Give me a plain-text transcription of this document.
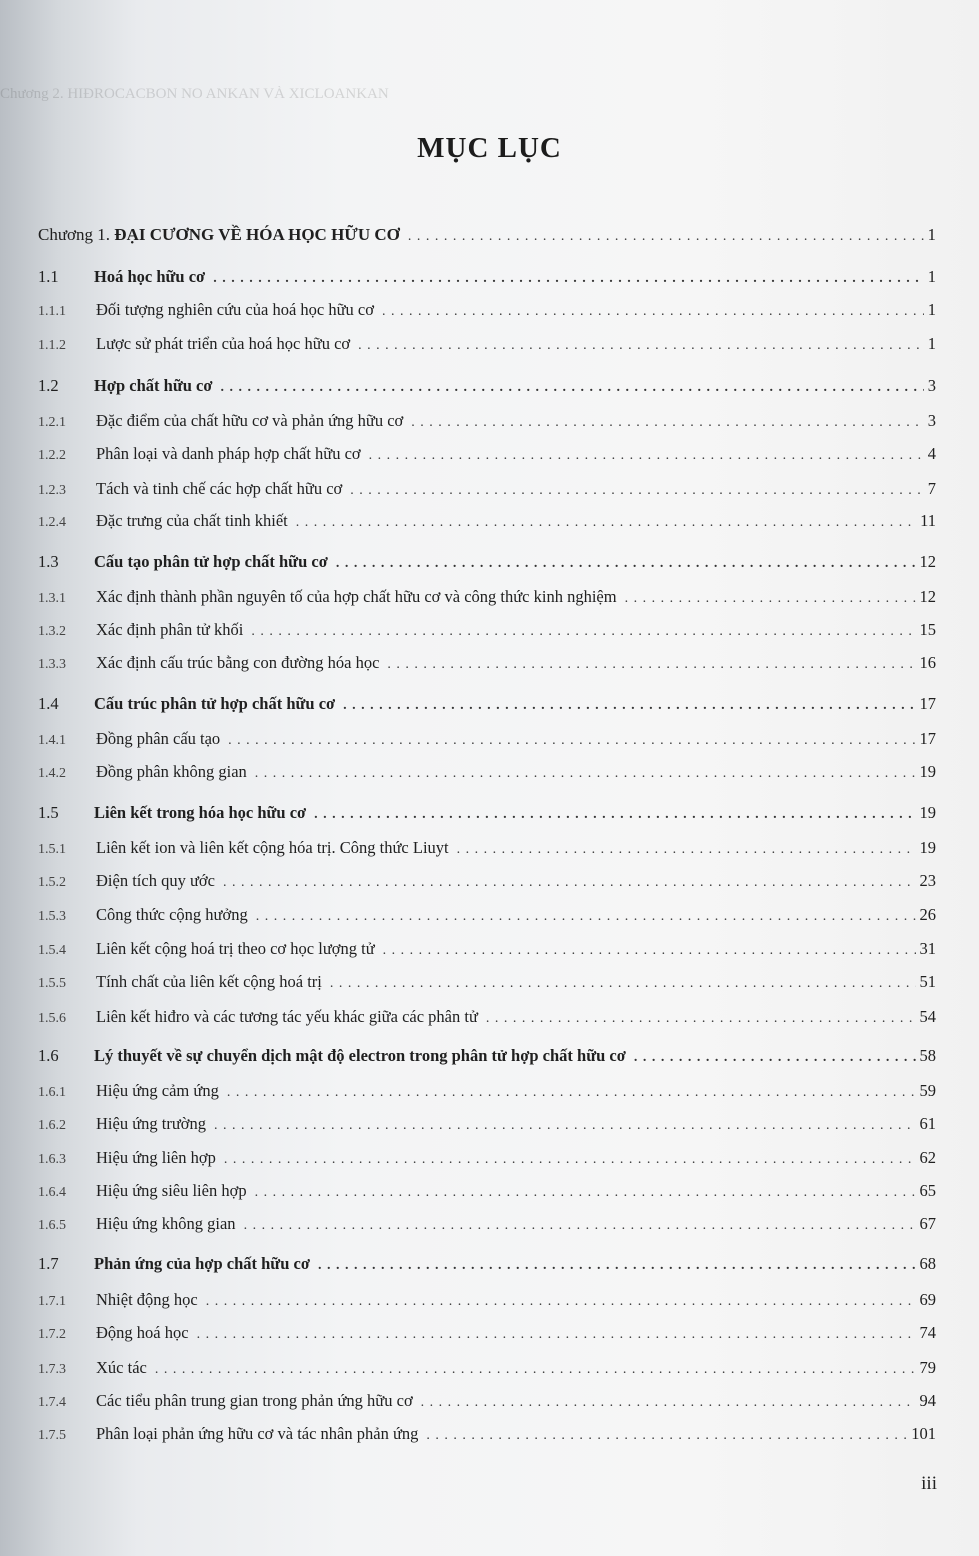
Chương 2. HIĐROCACBON NO ANKAN VÀ XICLOANKAN
MỤC LỤC
Chương 1. ĐẠI CƯƠNG VỀ HÓA HỌC HỮU CƠ . . .	1
1.1	Hoá học hữu cơ . . .	1
1.1.1	Đối tượng nghiên cứu của hoá học hữu cơ . . .	1
1.1.2	Lược sử phát triển của hoá học hữu cơ . . .	1
1.2	Hợp chất hữu cơ . . .	3
1.2.1	Đặc điểm của chất hữu cơ và phản ứng hữu cơ . . .	3
1.2.2	Phân loại và danh pháp hợp chất hữu cơ . . .	4
1.2.3	Tách và tinh chế các hợp chất hữu cơ . . .	7
1.2.4	Đặc trưng của chất tinh khiết . . .	11
1.3	Cấu tạo phân tử hợp chất hữu cơ . . .	12
1.3.1	Xác định thành phần nguyên tố của hợp chất hữu cơ và công thức kinh nghiệm . . .	12
1.3.2	Xác định phân tử khối . . .	15
1.3.3	Xác định cấu trúc bằng con đường hóa học . . .	16
1.4	Cấu trúc phân tử hợp chất hữu cơ . . .	17
1.4.1	Đồng phân cấu tạo . . .	17
1.4.2	Đồng phân không gian . . .	19
1.5	Liên kết trong hóa học hữu cơ . . .	19
1.5.1	Liên kết ion và liên kết cộng hóa trị. Công thức Liuyt . . .	19
1.5.2	Điện tích quy ước . . .	23
1.5.3	Công thức cộng hưởng . . .	26
1.5.4	Liên kết cộng hoá trị theo cơ học lượng tử . . .	31
1.5.5	Tính chất của liên kết cộng hoá trị . . .	51
1.5.6	Liên kết hiđro và các tương tác yếu khác giữa các phân tử . . .	54
1.6	Lý thuyết về sự chuyển dịch mật độ electron trong phân tử hợp chất hữu cơ . . .	58
1.6.1	Hiệu ứng cảm ứng . . .	59
1.6.2	Hiệu ứng trường . . .	61
1.6.3	Hiệu ứng liên hợp . . .	62
1.6.4	Hiệu ứng siêu liên hợp . . .	65
1.6.5	Hiệu ứng không gian . . .	67
1.7	Phản ứng của hợp chất hữu cơ . . .	68
1.7.1	Nhiệt động học . . .	69
1.7.2	Động hoá học . . .	74
1.7.3	Xúc tác . . .	79
1.7.4	Các tiểu phân trung gian trong phản ứng hữu cơ . . .	94
1.7.5	Phân loại phản ứng hữu cơ và tác nhân phản ứng . . .	101
iii
